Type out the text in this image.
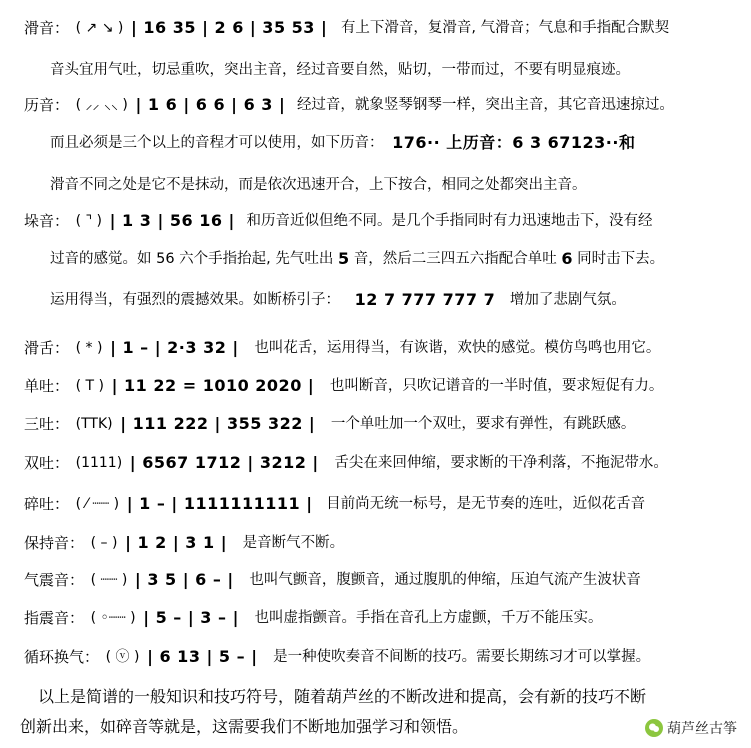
滑音： ( ↗ ↘ ) | 16 35 | 2 6 | 35 53 | 有上下滑音，复滑音, 气滑音；气息和手指配合默契
音头宜用气吐，切忌重吹，突出主音，经过音要自然，贴切，一带而过，不要有明显痕迹。
历音： ( ⸝⸝ ⸜⸜ ) | 1 6 | 6 6 | 6 3 | 经过音，就象竖琴钢琴一样，突出主音，其它音迅速掠过。
而且必须是三个以上的音程才可以使用，如下历音： 176·· 上历音：6 3 67123··和
滑音不同之处是它不是抹动，而是依次迅速开合，上下按合，相同之处都突出主音。
垛音： ( ⌝ ) | 1 3 | 56 16 | 和历音近似但绝不同。是几个手指同时有力迅速地击下，没有经
过音的感觉。如 56 六个手指抬起, 先气吐出 5 音，然后二三四五六指配合单吐 6 同时击下去。
运用得当，有强烈的震撼效果。如断桥引子： 12 7 777 777 7 增加了悲剧气氛。
滑舌： ( * ) | 1 – | 2·3 32 | 也叫花舌，运用得当，有诙谐，欢快的感觉。模仿鸟鸣也用它。
单吐： ( T ) | 11 22 = 1010 2020 | 也叫断音，只吹记谱音的一半时值，要求短促有力。
三吐： (TTK) | 111 222 | 355 322 | 一个单吐加一个双吐，要求有弹性，有跳跃感。
双吐： (1111) | 6567 1712 | 3212 | 舌尖在来回伸缩，要求断的干净利落，不拖泥带水。
碎吐： ( ⁄ ┈┈ ) | 1 – | 1111111111 | 目前尚无统一标号，是无节奏的连吐，近似花舌音
保持音： ( – ) | 1 2 | 3 1 | 是音断气不断。
气震音： ( ┈┈ ) | 3 5 | 6 – | 也叫气颤音，腹颤音，通过腹肌的伸缩，压迫气流产生波状音
指震音： ( ◦┈┈ ) | 5 – | 3 – | 也叫虚指颤音。手指在音孔上方虚颤，千万不能压实。
循环换气： ( ⓥ ) | 6 13 | 5 – | 是一种使吹奏音不间断的技巧。需要长期练习才可以掌握。
以上是简谱的一般知识和技巧符号，随着葫芦丝的不断改进和提高，会有新的技巧不断
创新出来，如碎音等就是，这需要我们不断地加强学习和领悟。	葫芦丝古筝
